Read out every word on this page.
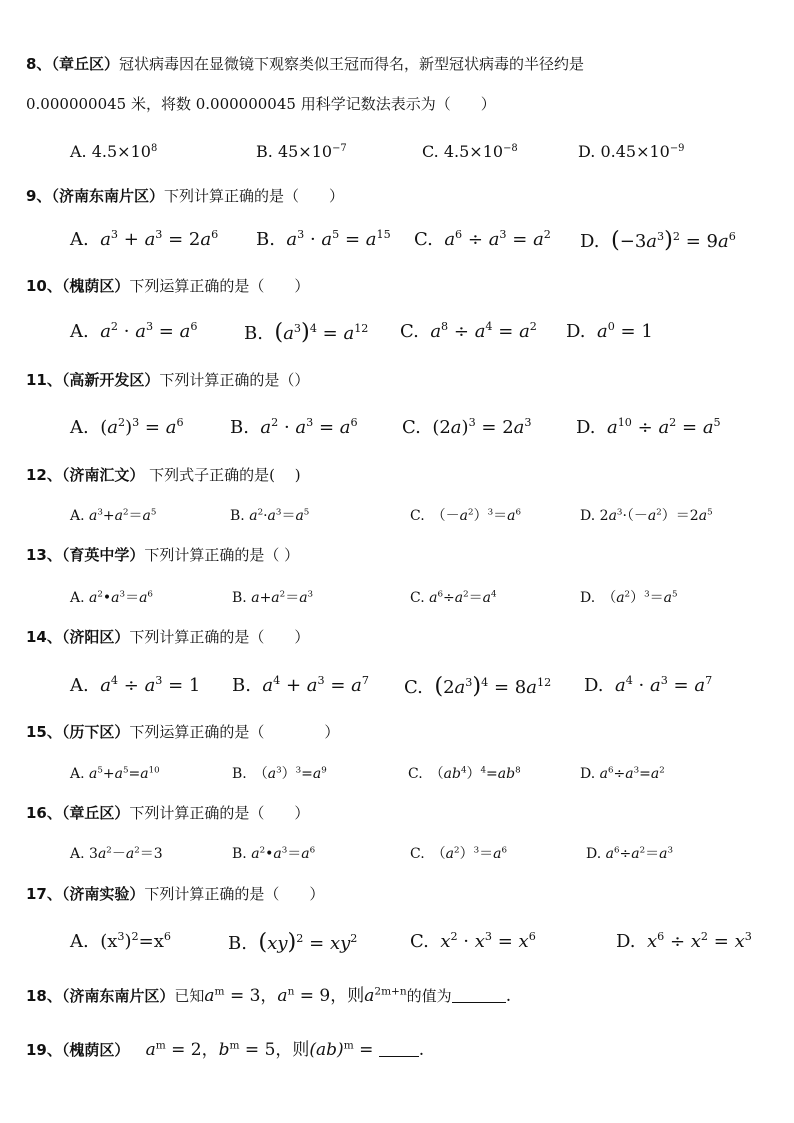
8、（章丘区）冠状病毒因在显微镜下观察类似王冠而得名，新型冠状病毒的半径约是
0.000000045 米，将数 0.000000045 用科学记数法表示为（　　）
A. $4.5\times 10^8$	B. $45\times 10^{-7}$	C. $4.5\times 10^{-8}$	D. $0.45\times 10^{-9}$
9、（济南东南片区）下列计算正确的是（　　）
A. $a^3 + a^3 = 2a^6$ B. $a^3 \cdot a^5 = a^{15}$ C. $a^6 \div a^3 = a^2$ D. $(-3a^3)^2 = 9a^6$
10、（槐荫区）下列运算正确的是（　　）
A. $a^2 \cdot a^3 = a^6$	B. $(a^3)^4 = a^{12}$ C. $a^8 \div a^4 = a^2$ D. $a^0 = 1$
11、（高新开发区）下列计算正确的是（）
A. $(a^2)^3 = a^6$	B. $a^2 \cdot a^3 = a^6$ C. $(2a)^3 = 2a^3$ D. $a^{10} \div a^2 = a^5$
12、（济南汇文） 下列式子正确的是(　 )
A. $a^3+a^2=a^5$	B. $a^2\cdot a^3=a^5$	C.　$(-a^2)^3=a^6$	D. $2a^3\cdot(-a^2)=2a^5$
13、（育英中学）下列计算正确的是（ ）
A. $a^2•a^3=a^6$	B. $a+a^2=a^3$	C. $a^6\div a^2=a^4$	D.　$(a^2)^3=a^5$
14、（济阳区）下列计算正确的是（　　）
A. $a^4 \div a^3 = 1$ B. $a^4 + a^3 = a^7$ C. $(2a^3)^4 = 8a^{12}$ D. $a^4 \cdot a^3 = a^7$
15、（历下区）下列运算正确的是（　　　　）
A. $a^5+a^5=a^{10}$	B.　$(a^3)^3=a^9$	C.　$(ab^4)^4=ab^8$	D. $a^6\div a^3=a^2$
16、（章丘区）下列计算正确的是（　　）
A. $3a^2-a^2=3$	B. $a^2•a^3=a^6$	C.　$(a^2)^3=a^6$	D. $a^6\div a^2=a^3$
17、（济南实验）下列计算正确的是（　　）
A. $(x^3)^2=x^6$	B. $(xy)^2 = xy^2$	C. $x^2 \cdot x^3 = x^6$	D. $x^6 \div x^2 = x^3$
18、（济南东南片区）已知$a^m = 3$，$a^n = 9$，则$a^{2m+n}$的值为	.
19、（槐荫区） $a^m = 2$，$b^m = 5$，则(ab)$^m$ = .
